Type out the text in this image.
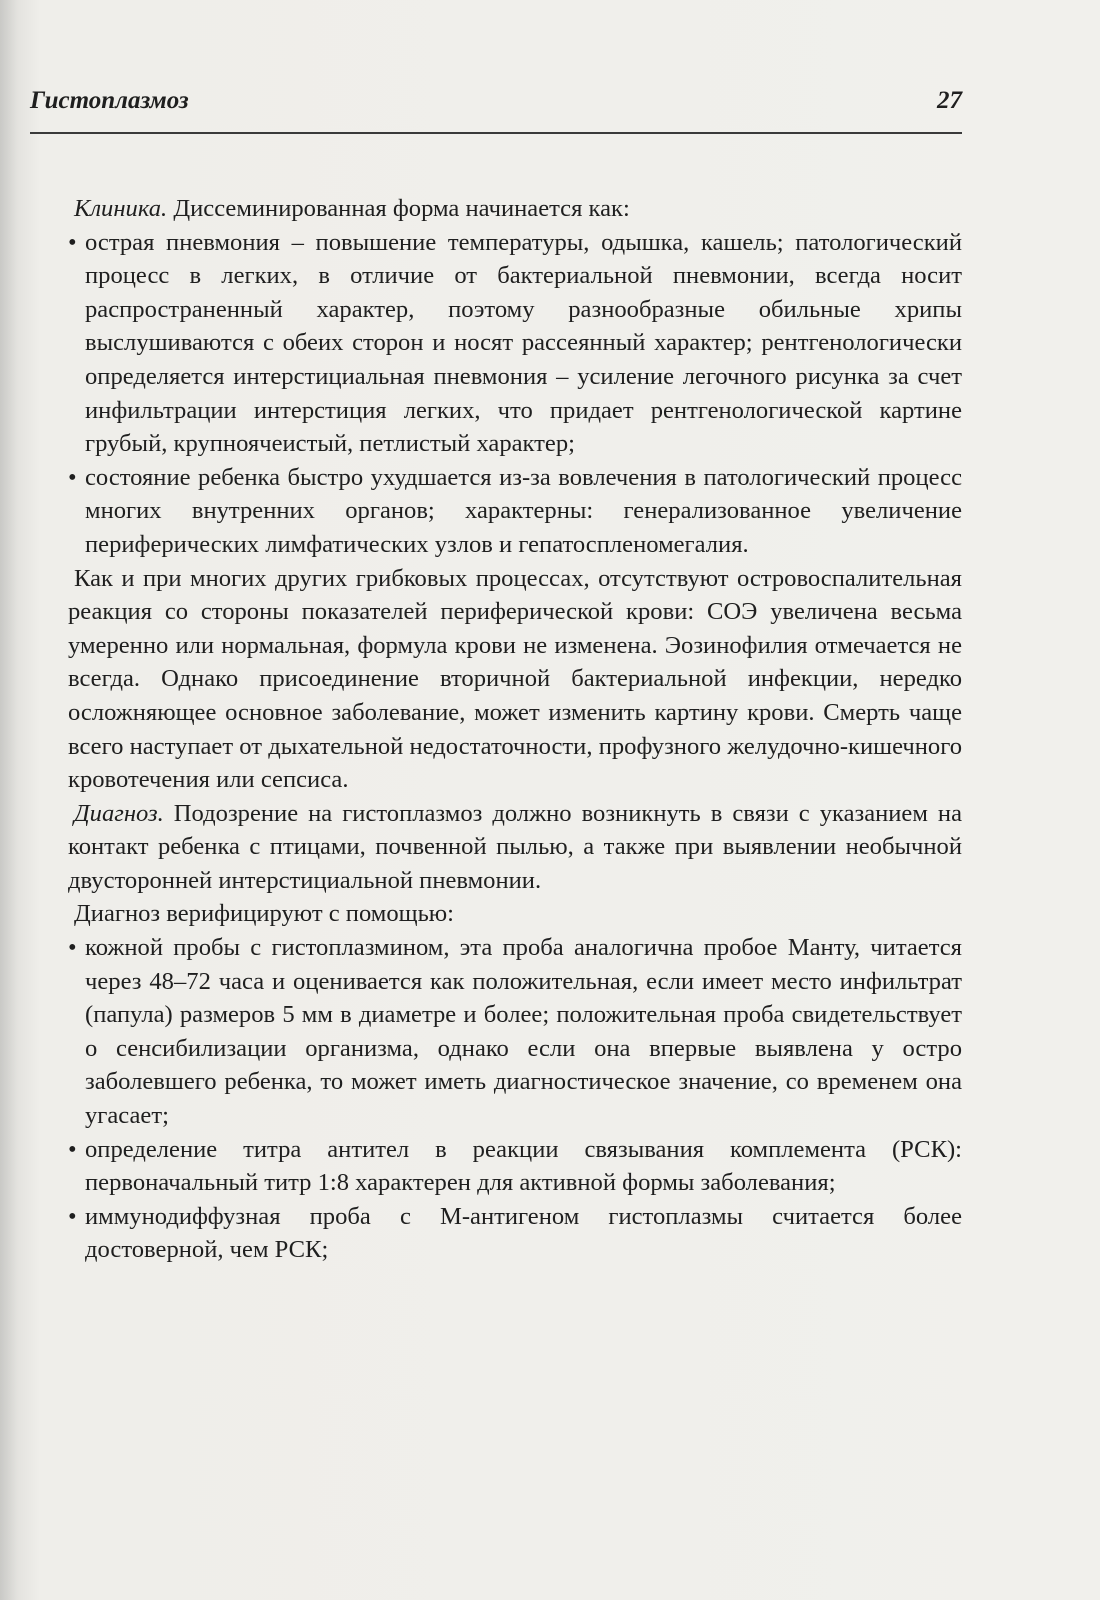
Гистоплазмоз	27

Клиника. Диссеминированная форма начинается как:

• острая пневмония – повышение температуры, одышка, кашель; патологический процесс в легких, в отличие от бактериальной пневмонии, всегда носит распространенный характер, поэтому разнообразные обильные хрипы выслушиваются с обеих сторон и носят рассеянный характер; рентгенологически определяется интерстициальная пневмония – усиление легочного рисунка за счет инфильтрации интерстиция легких, что придает рентгенологической картине грубый, крупноячеистый, петлистый характер;
• состояние ребенка быстро ухудшается из-за вовлечения в патологический процесс многих внутренних органов; характерны: генерализованное увеличение периферических лимфатических узлов и гепатоспленомегалия.

Как и при многих других грибковых процессах, отсутствуют островоспалительная реакция со стороны показателей периферической крови: СОЭ увеличена весьма умеренно или нормальная, формула крови не изменена. Эозинофилия отмечается не всегда. Однако присоединение вторичной бактериальной инфекции, нередко осложняющее основное заболевание, может изменить картину крови. Смерть чаще всего наступает от дыхательной недостаточности, профузного желудочно-кишечного кровотечения или сепсиса.

Диагноз. Подозрение на гистоплазмоз должно возникнуть в связи с указанием на контакт ребенка с птицами, почвенной пылью, а также при выявлении необычной двусторонней интерстициальной пневмонии.

Диагноз верифицируют с помощью:

• кожной пробы с гистоплазмином, эта проба аналогична пробое Манту, читается через 48–72 часа и оценивается как положительная, если имеет место инфильтрат (папула) размеров 5 мм в диаметре и более; положительная проба свидетельствует о сенсибилизации организма, однако если она впервые выявлена у остро заболевшего ребенка, то может иметь диагностическое значение, со временем она угасает;
• определение титра антител в реакции связывания комплемента (РСК): первоначальный титр 1:8 характерен для активной формы заболевания;
• иммунодиффузная проба с М-антигеном гистоплазмы считается более достоверной, чем РСК;
